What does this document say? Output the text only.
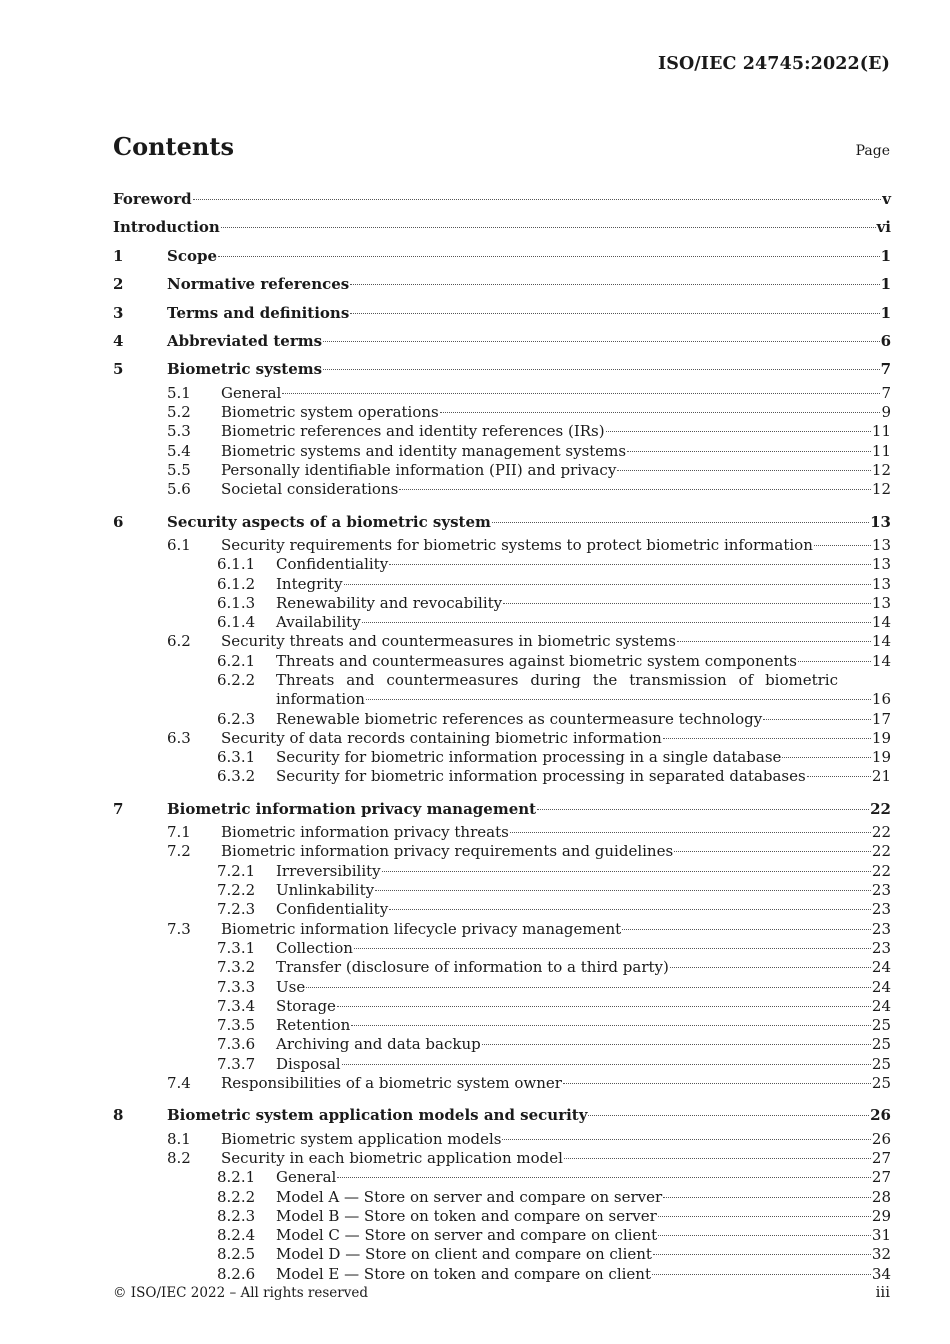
ISO/IEC 24745:2022(E)
Contents	Page
Foreword	v
Introduction	vi
1	Scope	1
2	Normative references	1
3	Terms and definitions	1
4	Abbreviated terms	6
5	Biometric systems	7
5.1 General	7
5.2 Biometric system operations	9
5.3 Biometric references and identity references (IRs)	11
5.4 Biometric systems and identity management systems	11
5.5 Personally identifiable information (PII) and privacy	12
5.6 Societal considerations	12
6	Security aspects of a biometric system	13
6.1 Security requirements for biometric systems to protect biometric information	13
6.1.1 Confidentiality	13
6.1.2 Integrity	13
6.1.3 Renewability and revocability	13
6.1.4 Availability	14
6.2 Security threats and countermeasures in biometric systems	14
6.2.1 Threats and countermeasures against biometric system components	14
6.2.2 Threats and countermeasures during the transmission of biometric
information	16
6.2.3 Renewable biometric references as countermeasure technology	17
6.3 Security of data records containing biometric information	19
6.3.1 Security for biometric information processing in a single database	19
6.3.2 Security for biometric information processing in separated databases	21
7	Biometric information privacy management	22
7.1 Biometric information privacy threats	22
7.2 Biometric information privacy requirements and guidelines	22
7.2.1 Irreversibility	22
7.2.2 Unlinkability	23
7.2.3 Confidentiality	23
7.3 Biometric information lifecycle privacy management	23
7.3.1 Collection	23
7.3.2 Transfer (disclosure of information to a third party)	24
7.3.3 Use	24
7.3.4 Storage	24
7.3.5 Retention	25
7.3.6 Archiving and data backup	25
7.3.7 Disposal	25
7.4 Responsibilities of a biometric system owner	25
8	Biometric system application models and security	26
8.1 Biometric system application models	26
8.2 Security in each biometric application model	27
8.2.1 General	27
8.2.2 Model A — Store on server and compare on server	28
8.2.3 Model B — Store on token and compare on server	29
8.2.4 Model C — Store on server and compare on client	31
8.2.5 Model D — Store on client and compare on client	32
8.2.6 Model E — Store on token and compare on client	34
© ISO/IEC 2022 – All rights reserved	iii
